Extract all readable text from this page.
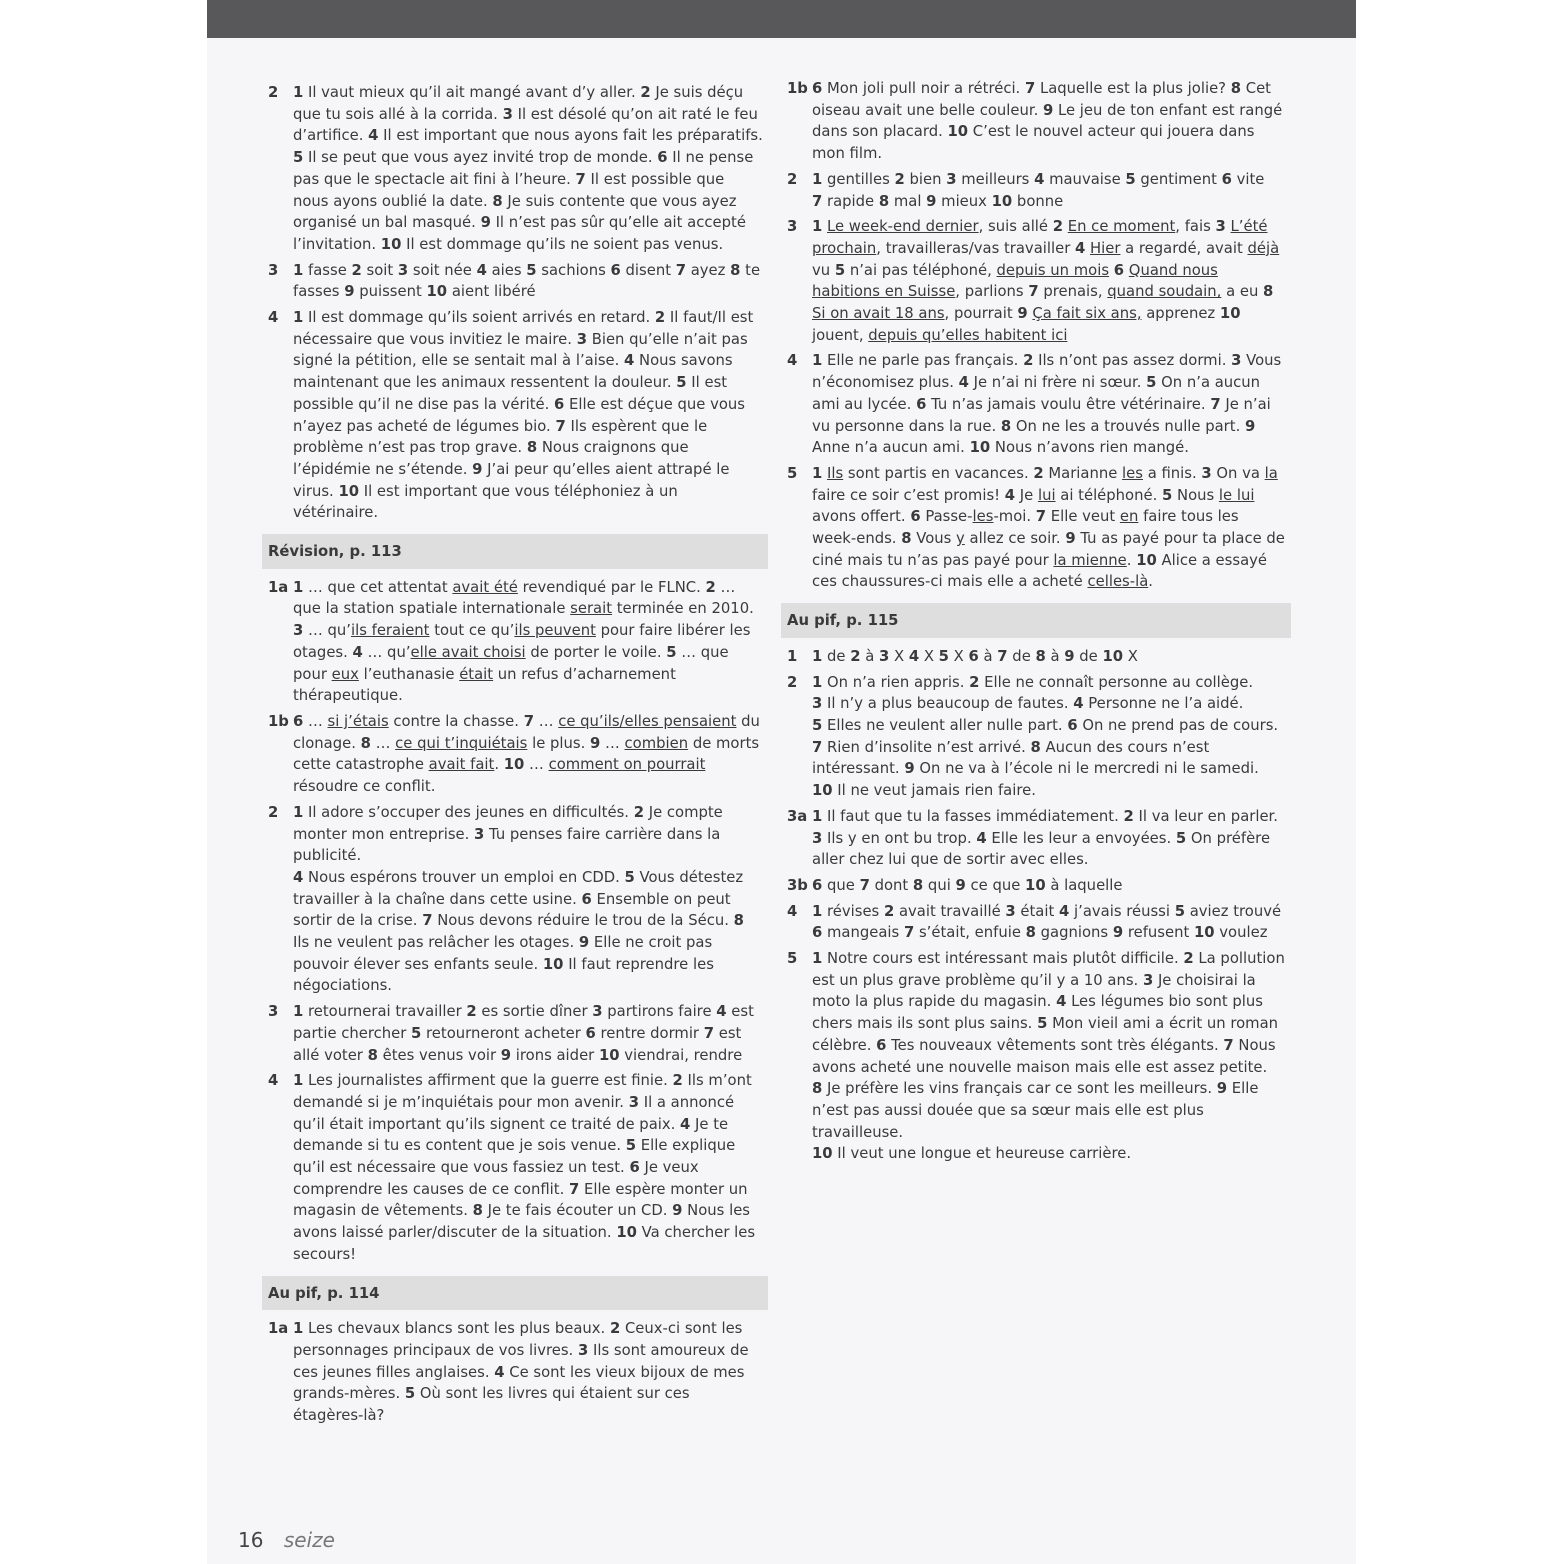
2 1 Il vaut mieux qu’il ait mangé avant d’y aller. 2 Je suis déçu que tu sois allé à la corrida. 3 Il est désolé qu’on ait raté le feu d’artifice. 4 Il est important que nous ayons fait les préparatifs. 5 Il se peut que vous ayez invité trop de monde. 6 Il ne pense pas que le spectacle ait fini à l’heure. 7 Il est possible que nous ayons oublié la date. 8 Je suis contente que vous ayez organisé un bal masqué. 9 Il n’est pas sûr qu’elle ait accepté l’invitation. 10 Il est dommage qu’ils ne soient pas venus.
3 1 fasse 2 soit 3 soit née 4 aies 5 sachions 6 disent 7 ayez 8 te fasses 9 puissent 10 aient libéré
4 1 Il est dommage qu’ils soient arrivés en retard. 2 Il faut/Il est nécessaire que vous invitiez le maire. 3 Bien qu’elle n’ait pas signé la pétition, elle se sentait mal à l’aise. 4 Nous savons maintenant que les animaux ressentent la douleur. 5 Il est possible qu’il ne dise pas la vérité. 6 Elle est déçue que vous n’ayez pas acheté de légumes bio. 7 Ils espèrent que le problème n’est pas trop grave. 8 Nous craignons que l’épidémie ne s’étende. 9 J’ai peur qu’elles aient attrapé le virus. 10 Il est important que vous téléphoniez à un vétérinaire.
Révision, p. 113
1a 1 … que cet attentat avait été revendiqué par le FLNC. 2 … que la station spatiale internationale serait terminée en 2010.
3 … qu’ils feraient tout ce qu’ils peuvent pour faire libérer les otages. 4 … qu’elle avait choisi de porter le voile. 5 … que pour eux l’euthanasie était un refus d’acharnement thérapeutique.
1b 6 … si j’étais contre la chasse. 7 … ce qu’ils/elles pensaient du clonage. 8 … ce qui t’inquiétais le plus. 9 … combien de morts cette catastrophe avait fait. 10 … comment on pourrait résoudre ce conflit.
2 1 Il adore s’occuper des jeunes en difficultés. 2 Je compte monter mon entreprise. 3 Tu penses faire carrière dans la publicité.
4 Nous espérons trouver un emploi en CDD. 5 Vous détestez travailler à la chaîne dans cette usine. 6 Ensemble on peut sortir de la crise. 7 Nous devons réduire le trou de la Sécu. 8 Ils ne veulent pas relâcher les otages. 9 Elle ne croit pas pouvoir élever ses enfants seule. 10 Il faut reprendre les négociations.
3 1 retournerai travailler 2 es sortie dîner 3 partirons faire 4 est partie chercher 5 retourneront acheter 6 rentre dormir 7 est allé voter 8 êtes venus voir 9 irons aider 10 viendrai, rendre
4 1 Les journalistes affirment que la guerre est finie. 2 Ils m’ont demandé si je m’inquiétais pour mon avenir. 3 Il a annoncé qu’il était important qu’ils signent ce traité de paix. 4 Je te demande si tu es content que je sois venue. 5 Elle explique qu’il est nécessaire que vous fassiez un test. 6 Je veux comprendre les causes de ce conflit. 7 Elle espère monter un magasin de vêtements. 8 Je te fais écouter un CD. 9 Nous les avons laissé parler/discuter de la situation. 10 Va chercher les secours!
Au pif, p. 114
1a 1 Les chevaux blancs sont les plus beaux. 2 Ceux-ci sont les personnages principaux de vos livres. 3 Ils sont amoureux de ces jeunes filles anglaises. 4 Ce sont les vieux bijoux de mes grands-mères. 5 Où sont les livres qui étaient sur ces étagères-là?
1b 6 Mon joli pull noir a rétréci. 7 Laquelle est la plus jolie? 8 Cet oiseau avait une belle couleur. 9 Le jeu de ton enfant est rangé dans son placard. 10 C’est le nouvel acteur qui jouera dans mon film.
2 1 gentilles 2 bien 3 meilleurs 4 mauvaise 5 gentiment 6 vite
7 rapide 8 mal 9 mieux 10 bonne
3 1 Le week-end dernier, suis allé 2 En ce moment, fais 3 L’été prochain, travailleras/vas travailler 4 Hier a regardé, avait déjà vu 5 n’ai pas téléphoné, depuis un mois 6 Quand nous habitions en Suisse, parlions 7 prenais, quand soudain, a eu 8 Si on avait 18 ans, pourrait 9 Ça fait six ans, apprenez 10 jouent, depuis qu’elles habitent ici
4 1 Elle ne parle pas français. 2 Ils n’ont pas assez dormi. 3 Vous n’économisez plus. 4 Je n’ai ni frère ni sœur. 5 On n’a aucun ami au lycée. 6 Tu n’as jamais voulu être vétérinaire. 7 Je n’ai vu personne dans la rue. 8 On ne les a trouvés nulle part. 9 Anne n’a aucun ami. 10 Nous n’avons rien mangé.
5 1 Ils sont partis en vacances. 2 Marianne les a finis. 3 On va la faire ce soir c’est promis! 4 Je lui ai téléphoné. 5 Nous le lui avons offert. 6 Passe-les-moi. 7 Elle veut en faire tous les week-ends. 8 Vous y allez ce soir. 9 Tu as payé pour ta place de ciné mais tu n’as pas payé pour la mienne. 10 Alice a essayé ces chaussures-ci mais elle a acheté celles-là.
Au pif, p. 115
1 1 de 2 à 3 X 4 X 5 X 6 à 7 de 8 à 9 de 10 X
2 1 On n’a rien appris. 2 Elle ne connaît personne au collège.
3 Il n’y a plus beaucoup de fautes. 4 Personne ne l’a aidé.
5 Elles ne veulent aller nulle part. 6 On ne prend pas de cours. 7 Rien d’insolite n’est arrivé. 8 Aucun des cours n’est intéressant. 9 On ne va à l’école ni le mercredi ni le samedi.
10 Il ne veut jamais rien faire.
3a 1 Il faut que tu la fasses immédiatement. 2 Il va leur en parler.
3 Ils y en ont bu trop. 4 Elle les leur a envoyées. 5 On préfère aller chez lui que de sortir avec elles.
3b 6 que 7 dont 8 qui 9 ce que 10 à laquelle
4 1 révises 2 avait travaillé 3 était 4 j’avais réussi 5 aviez trouvé
6 mangeais 7 s’était, enfuie 8 gagnions 9 refusent 10 voulez
5 1 Notre cours est intéressant mais plutôt difficile. 2 La pollution est un plus grave problème qu’il y a 10 ans. 3 Je choisirai la moto la plus rapide du magasin. 4 Les légumes bio sont plus chers mais ils sont plus sains. 5 Mon vieil ami a écrit un roman célèbre. 6 Tes nouveaux vêtements sont très élégants. 7 Nous avons acheté une nouvelle maison mais elle est assez petite.
8 Je préfère les vins français car ce sont les meilleurs. 9 Elle n’est pas aussi douée que sa sœur mais elle est plus travailleuse.
10 Il veut une longue et heureuse carrière.
16 seize
